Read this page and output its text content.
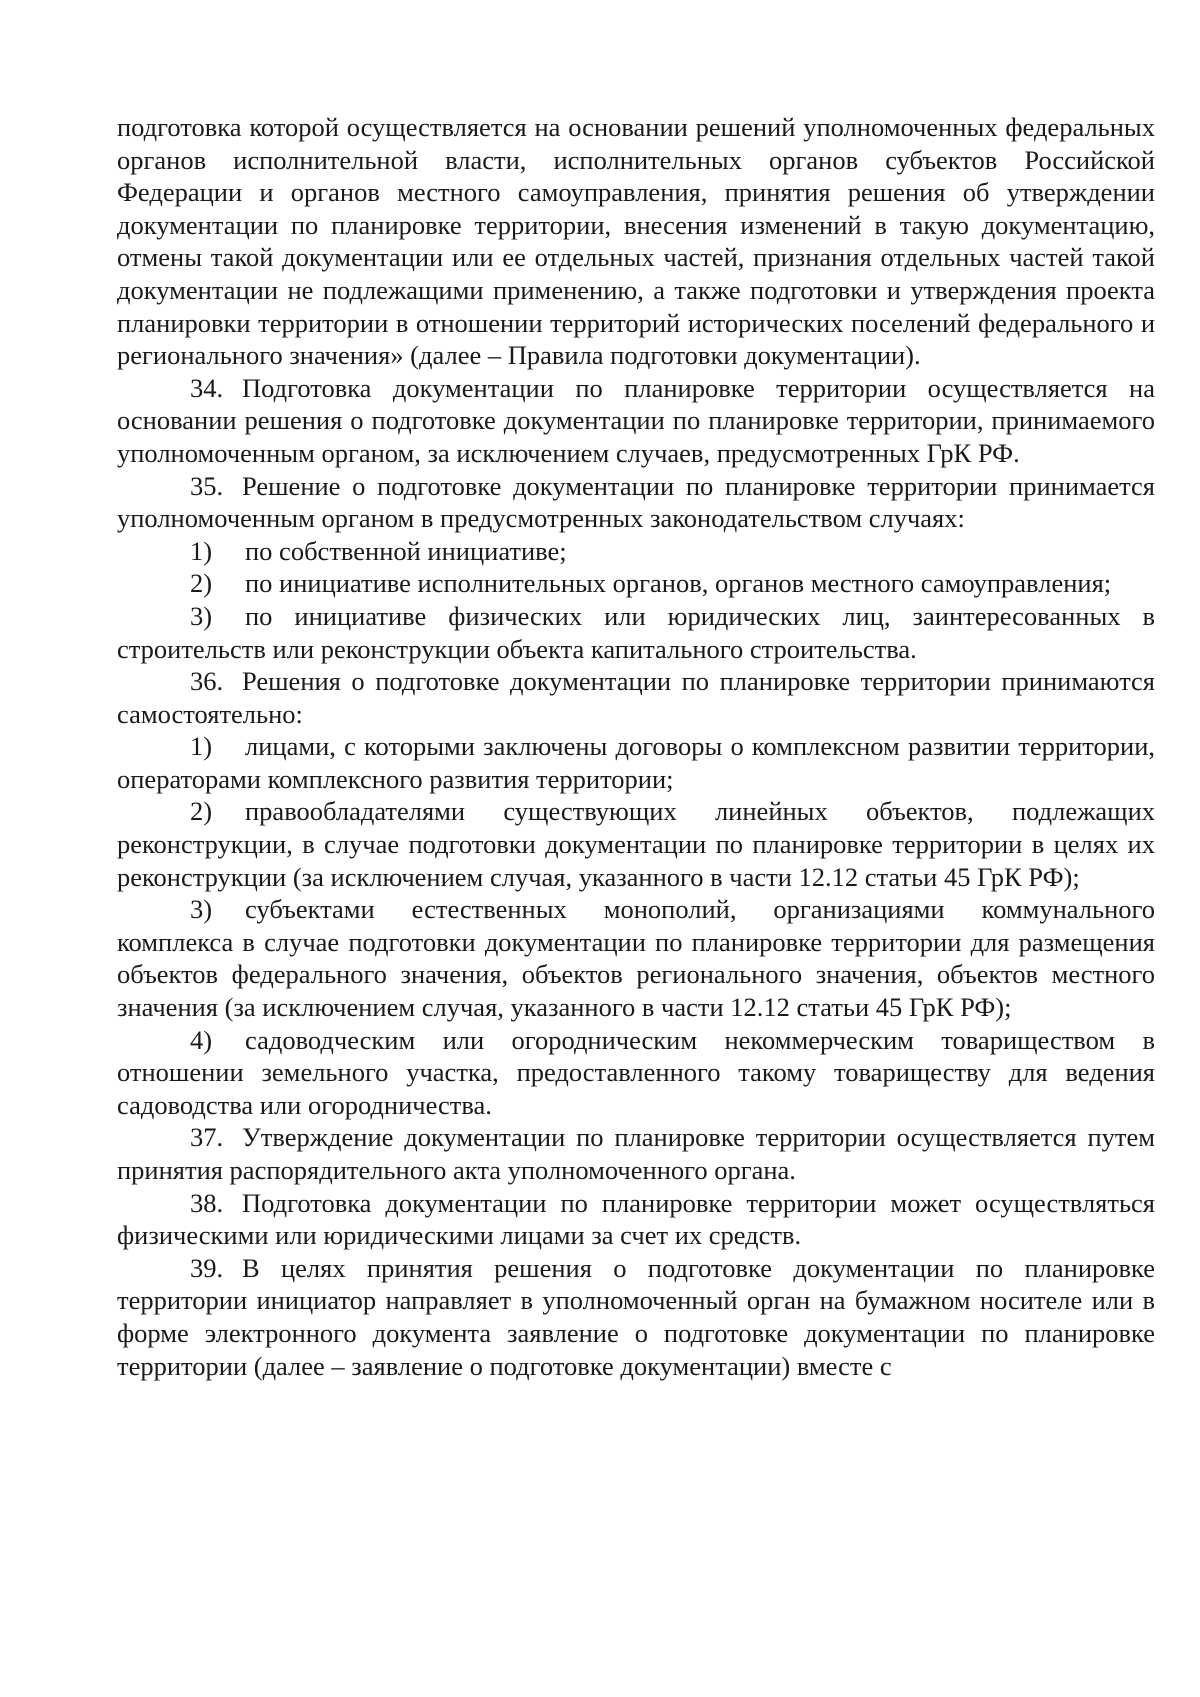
подготовка которой осуществляется на основании решений уполномоченных федеральных органов исполнительной власти, исполнительных органов субъектов Российской Федерации и органов местного самоуправления, принятия решения об утверждении документации по планировке территории, внесения изменений в такую документацию, отмены такой документации или ее отдельных частей, признания отдельных частей такой документации не подлежащими применению, а также подготовки и утверждения проекта планировки территории в отношении территорий исторических поселений федерального и регионального значения» (далее – Правила подготовки документации).

34. Подготовка документации по планировке территории осуществляется на основании решения о подготовке документации по планировке территории, принимаемого уполномоченным органом, за исключением случаев, предусмотренных ГрК РФ.

35. Решение о подготовке документации по планировке территории принимается уполномоченным органом в предусмотренных законодательством случаях:

1) по собственной инициативе;

2) по инициативе исполнительных органов, органов местного самоуправления;

3) по инициативе физических или юридических лиц, заинтересованных в строительств или реконструкции объекта капитального строительства.

36. Решения о подготовке документации по планировке территории принимаются самостоятельно:

1) лицами, с которыми заключены договоры о комплексном развитии территории, операторами комплексного развития территории;

2) правообладателями существующих линейных объектов, подлежащих реконструкции, в случае подготовки документации по планировке территории в целях их реконструкции (за исключением случая, указанного в части 12.12 статьи 45 ГрК РФ);

3) субъектами естественных монополий, организациями коммунального комплекса в случае подготовки документации по планировке территории для размещения объектов федерального значения, объектов регионального значения, объектов местного значения (за исключением случая, указанного в части 12.12 статьи 45 ГрК РФ);

4) садоводческим или огородническим некоммерческим товариществом в отношении земельного участка, предоставленного такому товариществу для ведения садоводства или огородничества.

37. Утверждение документации по планировке территории осуществляется путем принятия распорядительного акта уполномоченного органа.

38. Подготовка документации по планировке территории может осуществляться физическими или юридическими лицами за счет их средств.

39. В целях принятия решения о подготовке документации по планировке территории инициатор направляет в уполномоченный орган на бумажном носителе или в форме электронного документа заявление о подготовке документации по планировке территории (далее – заявление о подготовке документации) вместе с
